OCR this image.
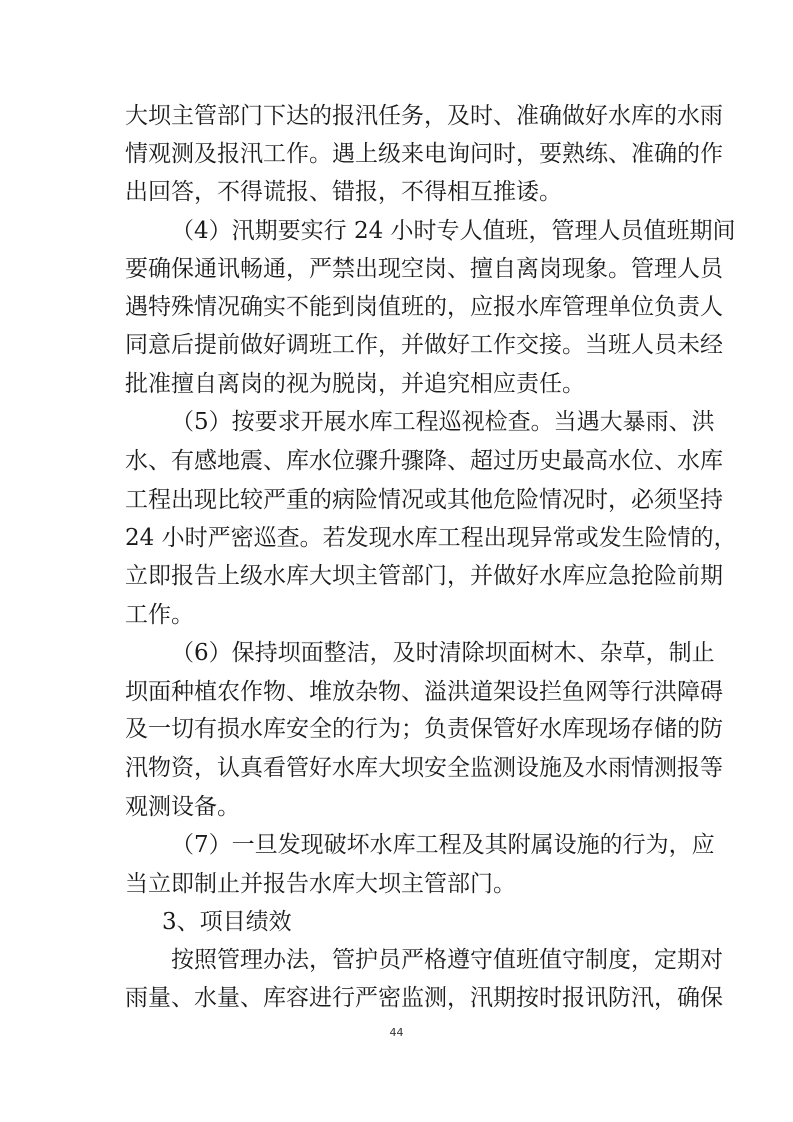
大坝主管部门下达的报汛任务，及时、准确做好水库的水雨
情观测及报汛工作。遇上级来电询问时，要熟练、准确的作
出回答，不得谎报、错报，不得相互推诿。
（4）汛期要实行 24 小时专人值班，管理人员值班期间
要确保通讯畅通，严禁出现空岗、擅自离岗现象。管理人员
遇特殊情况确实不能到岗值班的，应报水库管理单位负责人
同意后提前做好调班工作，并做好工作交接。当班人员未经
批准擅自离岗的视为脱岗，并追究相应责任。
（5）按要求开展水库工程巡视检查。当遇大暴雨、洪
水、有感地震、库水位骤升骤降、超过历史最高水位、水库
工程出现比较严重的病险情况或其他危险情况时，必须坚持
24 小时严密巡查。若发现水库工程出现异常或发生险情的，
立即报告上级水库大坝主管部门，并做好水库应急抢险前期
工作。
（6）保持坝面整洁，及时清除坝面树木、杂草，制止
坝面种植农作物、堆放杂物、溢洪道架设拦鱼网等行洪障碍
及一切有损水库安全的行为；负责保管好水库现场存储的防
汛物资，认真看管好水库大坝安全监测设施及水雨情测报等
观测设备。
（7）一旦发现破坏水库工程及其附属设施的行为，应
当立即制止并报告水库大坝主管部门。
3、项目绩效
按照管理办法，管护员严格遵守值班值守制度，定期对
雨量、水量、库容进行严密监测，汛期按时报讯防汛，确保
44
